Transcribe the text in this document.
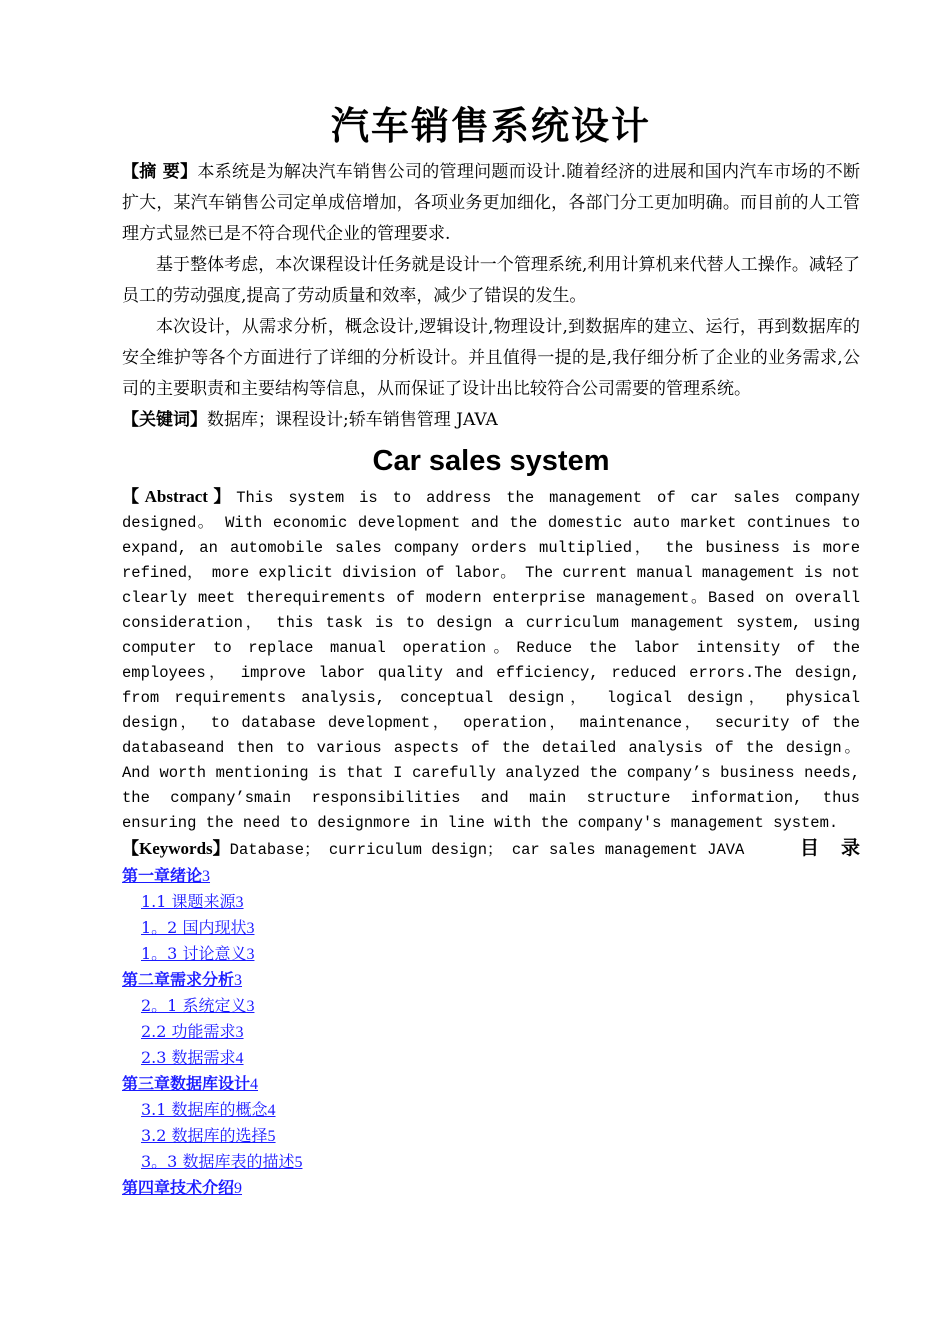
汽车销售系统设计

【摘 要】本系统是为解决汽车销售公司的管理问题而设计.随着经济的进展和国内汽车市场的不断扩大，某汽车销售公司定单成倍增加，各项业务更加细化，各部门分工更加明确。而目前的人工管理方式显然已是不符合现代企业的管理要求.

基于整体考虑，本次课程设计任务就是设计一个管理系统,利用计算机来代替人工操作。减轻了员工的劳动强度,提高了劳动质量和效率，减少了错误的发生。

本次设计，从需求分析，概念设计,逻辑设计,物理设计,到数据库的建立、运行，再到数据库的安全维护等各个方面进行了详细的分析设计。并且值得一提的是,我仔细分析了企业的业务需求,公司的主要职责和主要结构等信息，从而保证了设计出比较符合公司需要的管理系统。

【关键词】数据库；课程设计;轿车销售管理 JAVA

Car sales system

【Abstract】This system is to address the management of car sales company designed。 With economic development and the domestic auto market continues to expand, an automobile sales company orders multiplied， the business is more refined， more explicit division of labor。 The current manual management is not clearly meet therequirements of modern enterprise management。Based on overall consideration， this task is to design a curriculum management system, using computer to replace manual operation。Reduce the labor intensity of the employees， improve labor quality and efficiency, reduced errors.The design, from requirements analysis, conceptual design， logical design， physical design， to database development， operation， maintenance， security of the databaseand then to various aspects of the detailed analysis of the design。 And worth mentioning is that I carefully analyzed the company’s business needs, the company’smain responsibilities and main structure information, thus ensuring the need to designmore in line with the company's management system.

【Keywords】Database； curriculum design； car sales management JAVA	目录

第一章绪论3
1.1 课题来源3
1。2 国内现状3
1。3 讨论意义3
第二章需求分析3
2。1 系统定义3
2.2 功能需求3
2.3 数据需求4
第三章数据库设计4
3.1 数据库的概念4
3.2 数据库的选择5
3。3 数据库表的描述5
第四章技术介绍9
